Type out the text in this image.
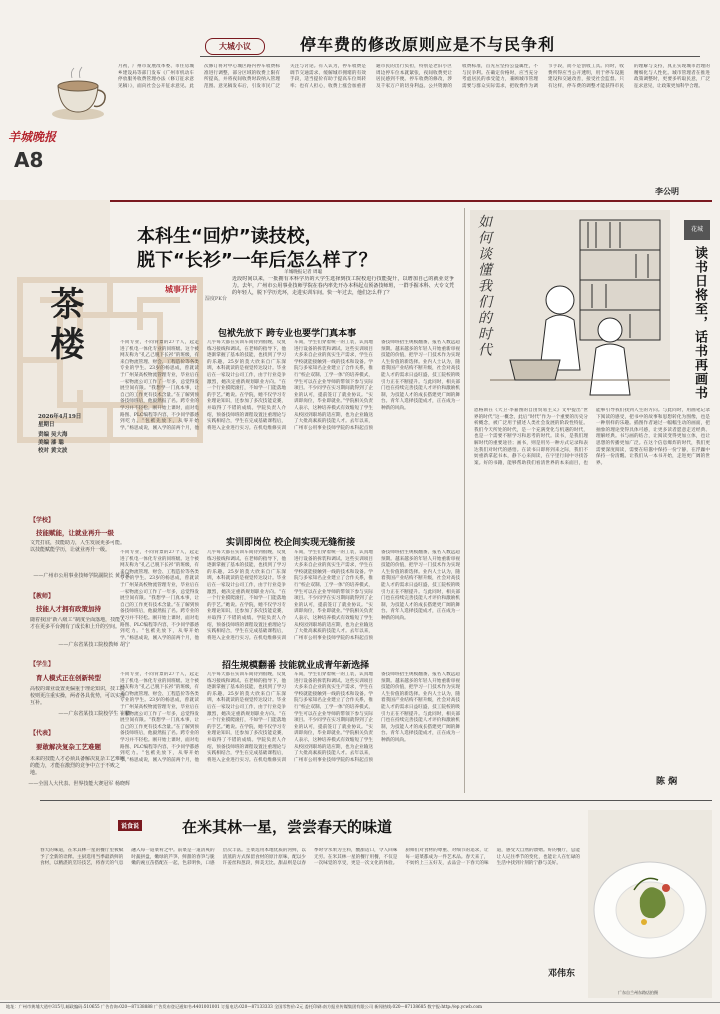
大城小议	停车费的修改原则应是不与民争利
羊城晚报
A8
月初，广州市发展改革委、市住房城乡建设局等部门发布《广州市机动车停放服务收费管理办法（修订征求意见稿）》，面向社会公开征求意见。此次修订将对中心城区路内停车收费标准进行调整，部分区域的收费上限有所提高，并将夜间收费时段纳入管理范围。意见稿发布后，引发市民广泛关注与讨论。有人认为，停车收费是调节交通需求、缓解城市拥堵的有效手段，适当提价有助于提高车位周转率；也有人担心，收费上涨会加重普通市民的出行负担，特别是老旧小区周边停车位本就紧张，夜间收费更让居民感到不便。停车收费的修改，涉及千家万户的切身利益。公共资源的收费标准，首先应坚持公益属性，不与民争利。在确定价格时，应当充分考虑居民的承受能力，兼顾城市管理需要与群众实际需求，把收费作为调节手段，而不是创收工具。同时，收费所得应当公开透明，用于停车设施建设和交通改善，接受社会监督。只有这样，停车费的调整才能获得市民的理解与支持，真正实现城市治理的精细化与人性化。城市管理者在推进政策调整时，更要多听取民意，广泛征求意见，让政策更加科学合理。
李公明
茶楼
2026年4月19日
星期日
责编 吴大海
美编 漆 聪
校对 黄文波
【学校】
技能赋能，让就业再升一级
文凭打底，技能助力，人生发展更多可能。以技能赋能学历，让就业再升一级。
——广州市公用事业技师学院副院长 黄丹岚
【教师】
技能人才拥有政策加持
随着我国“新八级工”制度全面落地，技能人才在更多平台拥有了成长和上升的空间。
——广东省某技工院校教师 胡宁
【学生】
育人模式正在创新转型
高校的课业设置更偏重于理论知识，技工院校则更注重实操，两者各具优势，可以实现互补。
——广东省某技工院校学生 崔鹏
【代表】
要敢解决复杂工艺难题
未来的技能人才必须具备解决复杂工艺难题的能力，才能在激烈的竞争中立于不败之地。
——全国人大代表、世界技能大赛冠军 杨晓辉
本科生“回炉”读技校，
脱下“长衫”一年后怎么样了？
羊城晚报记者 周聪
城事开讲
湿度PK台
近段时间以来，一批拥有本科学历的大学生选择到技工院校进行技能提升，以增加自己的就业竞争力。去年，广州市公用事业技师学院在春内率先开办本科起点预备技师班，一群手握本科、大专文凭的年轻人，脱下学历光环，走进实训车间。快一年过去，他们怎么样了？
包袱先放下 跨专业也要学门真本事
不同专业，不同背景的27个人，起走进了机电一体化专业的同班级。这个被网友称为“孔乙己脱下长衫”的班级，有来自物流管理、财会、工程造价等各类专业的学生。23岁的杨思成，曾就读于广州某高校物流管理专业，毕业后在一家物流公司工作了一年多，总觉得发展空间有限。“我想学一门真本事，让自己的工作更有技术含量。”在了解到预备技师班后，他毅然报了名。跨专业的学习并不轻松。刚开始上课时，面对电路图、PLC编程等内容，不少同学都感到吃力。“包袱先放下，从零开始学。”杨思成说，刚入学的前两个月，他几乎每天都在实训车间待到很晚，反复练习接线和调试。在老师的指导下，他逐渐掌握了基本的技能，也找到了学习的乐趣。25岁的莫大欣来自广东深圳，本科就读的是视觉传达设计。毕业后在一家设计公司工作，由于行业竞争激烈，她决定重新规划职业方向。“在一个行业摸爬滚打，不如学一门能落地的手艺。”她说。在学院，她不仅学习专业理论知识，还参加了多次技能竞赛，并取得了不错的成绩。学院负责人介绍，预备技师班的课程设置注重理论与实践相结合，学生在完成基础课程后，将进入企业进行实习。在机电维修实训车间，学生们穿着统一的工装，认真地进行设备的拆装和调试。这些实训项目大多来自企业的真实生产需求，学生在学校就能接触到一线的技术和设备。学院与多家知名企业建立了合作关系，推行“校企双制、工学一体”的培养模式，学生可以在企业导师的带领下参与实际项目。不少同学在实习期间就得到了企业的认可，提前签订了就业协议。“实训即岗位，毕业即就业。”学院相关负责人表示，这种培养模式有效缩短了学生从校园到职场的适应期，也为企业输送了大批高素质的技能人才。去年以来，广州市公用事业技师学院的本科起点预备技师班招生规模翻番，报名人数远超预期。越来越多的年轻人开始重新审视技能的价值，把学习一门技术作为实现人生价值的新选择。业内人士认为，随着我国产业结构不断升级，社会对高技能人才的需求日益旺盛，技工院校的吸引力正在不断提升。与此同时，相关部门也在持续完善技能人才评价和激励机制，为技能人才的成长搭建更广阔的舞台。青年人选择技能成才，正在成为一种新的风尚。
实训即岗位 校企间实现无缝衔接
不同专业，不同背景的27个人，起走进了机电一体化专业的同班级。这个被网友称为“孔乙己脱下长衫”的班级，有来自物流管理、财会、工程造价等各类专业的学生。23岁的杨思成，曾就读于广州某高校物流管理专业，毕业后在一家物流公司工作了一年多，总觉得发展空间有限。“我想学一门真本事，让自己的工作更有技术含量。”在了解到预备技师班后，他毅然报了名。跨专业的学习并不轻松。刚开始上课时，面对电路图、PLC编程等内容，不少同学都感到吃力。“包袱先放下，从零开始学。”杨思成说，刚入学的前两个月，他几乎每天都在实训车间待到很晚，反复练习接线和调试。在老师的指导下，他逐渐掌握了基本的技能，也找到了学习的乐趣。25岁的莫大欣来自广东深圳，本科就读的是视觉传达设计。毕业后在一家设计公司工作，由于行业竞争激烈，她决定重新规划职业方向。“在一个行业摸爬滚打，不如学一门能落地的手艺。”她说。在学院，她不仅学习专业理论知识，还参加了多次技能竞赛，并取得了不错的成绩。学院负责人介绍，预备技师班的课程设置注重理论与实践相结合，学生在完成基础课程后，将进入企业进行实习。在机电维修实训车间，学生们穿着统一的工装，认真地进行设备的拆装和调试。这些实训项目大多来自企业的真实生产需求，学生在学校就能接触到一线的技术和设备。学院与多家知名企业建立了合作关系，推行“校企双制、工学一体”的培养模式，学生可以在企业导师的带领下参与实际项目。不少同学在实习期间就得到了企业的认可，提前签订了就业协议。“实训即岗位，毕业即就业。”学院相关负责人表示，这种培养模式有效缩短了学生从校园到职场的适应期，也为企业输送了大批高素质的技能人才。去年以来，广州市公用事业技师学院的本科起点预备技师班招生规模翻番，报名人数远超预期。越来越多的年轻人开始重新审视技能的价值，把学习一门技术作为实现人生价值的新选择。业内人士认为，随着我国产业结构不断升级，社会对高技能人才的需求日益旺盛，技工院校的吸引力正在不断提升。与此同时，相关部门也在持续完善技能人才评价和激励机制，为技能人才的成长搭建更广阔的舞台。青年人选择技能成才，正在成为一种新的风尚。
招生规模翻番 技能就业成青年新选择
不同专业，不同背景的27个人，起走进了机电一体化专业的同班级。这个被网友称为“孔乙己脱下长衫”的班级，有来自物流管理、财会、工程造价等各类专业的学生。23岁的杨思成，曾就读于广州某高校物流管理专业，毕业后在一家物流公司工作了一年多，总觉得发展空间有限。“我想学一门真本事，让自己的工作更有技术含量。”在了解到预备技师班后，他毅然报了名。跨专业的学习并不轻松。刚开始上课时，面对电路图、PLC编程等内容，不少同学都感到吃力。“包袱先放下，从零开始学。”杨思成说，刚入学的前两个月，他几乎每天都在实训车间待到很晚，反复练习接线和调试。在老师的指导下，他逐渐掌握了基本的技能，也找到了学习的乐趣。25岁的莫大欣来自广东深圳，本科就读的是视觉传达设计。毕业后在一家设计公司工作，由于行业竞争激烈，她决定重新规划职业方向。“在一个行业摸爬滚打，不如学一门能落地的手艺。”她说。在学院，她不仅学习专业理论知识，还参加了多次技能竞赛，并取得了不错的成绩。学院负责人介绍，预备技师班的课程设置注重理论与实践相结合，学生在完成基础课程后，将进入企业进行实习。在机电维修实训车间，学生们穿着统一的工装，认真地进行设备的拆装和调试。这些实训项目大多来自企业的真实生产需求，学生在学校就能接触到一线的技术和设备。学院与多家知名企业建立了合作关系，推行“校企双制、工学一体”的培养模式，学生可以在企业导师的带领下参与实际项目。不少同学在实习期间就得到了企业的认可，提前签订了就业协议。“实训即岗位，毕业即就业。”学院相关负责人表示，这种培养模式有效缩短了学生从校园到职场的适应期，也为企业输送了大批高素质的技能人才。去年以来，广州市公用事业技师学院的本科起点预备技师班招生规模翻番，报名人数远超预期。越来越多的年轻人开始重新审视技能的价值，把学习一门技术作为实现人生价值的新选择。业内人士认为，随着我国产业结构不断升级，社会对高技能人才的需求日益旺盛，技工院校的吸引力正在不断提升。与此同时，相关部门也在持续完善技能人才评价和激励机制，为技能人才的成长搭建更广阔的舞台。青年人选择技能成才，正在成为一种新的风尚。
如何谈懂我们的时代	花城
读书日将至，话书再画书
恩格斯在《大卫·李嘉图的自由贸易主义》文中提出“世界的时代”这一概念，此后“时代”作为一个重要的历史分析概念，被广泛用于描述人类社会发展的阶段性特征。我们今天所处的时代，是一个充满变化与机遇的时代，也是一个需要不断学习和思考的时代。读书，是我们理解时代的重要途径；画书，则是用另一种方式记录和表达我们对时代的感悟。在读书日即将到来之际，我们不妨重新拿起书本，静下心来阅读，在字里行间中寻找答案。好的书籍，能够帮助我们看清世界的本来面目，也能够引导我们找到人生的方向。与此同时，用画笔记录下阅读的感受，把书中的故事和思想转化为图像，也是一种别样的乐趣。插图作者通过一幅幅生动的画面，把抽象的理论变得具体可感，让更多读者愿意走近经典、理解经典。书与画的结合，让阅读变得更加立体，也让思想的传播更加广泛。在这个信息爆炸的时代，我们更需要深度阅读，需要在喧嚣中保持一份宁静，在浮躁中保持一份清醒。让我们从一本书开始，走进更广阔的世界。
陈 焖
说食说	在米其林一星，尝尝春天的味道
春天的味道，在米其林一星的餐厅里被赋予了全新的诠释。主厨选用当季最新鲜的食材，以精湛的烹饪技艺，将春天的气息融入每一道菜肴之中。前菜是一道清爽的时蔬拼盘，嫩绿的芦笋、鲜甜的春笋与脆嫩的豌豆苗搭配在一起，色彩明快，口感层次丰富。主菜选用本地优质的河鲜，以清蒸的方式保留食材的原汁原味，配以少许姜丝和葱段，鲜美无比。甜品则是以春季时令水果为主料，酸甜适口，令人回味无穷。在米其林一星的餐厅用餐，不仅是一次味觉的享受，更是一次文化的体验。厨师们对食材的尊重、对细节的追求，让每一道菜都成为一件艺术品。春天来了，不妨约上三五好友，去品尝一下春天的味道，感受大自然的馈赠。好的餐厅，总能让人记住季节的变化，也能让人在忙碌的生活中找到片刻的宁静与美好。
邓伟东
广东自兰州东路店拍摄
地址：广州市黄埔大道中315号,邮政编码:510655 广告咨询:020—87138888 广告发布登记通知书:4401001001 订报电话:020—87133333 全国零售价:2元 委托印刷:南方报业传媒集团有限公司 新闻热线:020—87138685 数字报:http://ep.ycwb.com
